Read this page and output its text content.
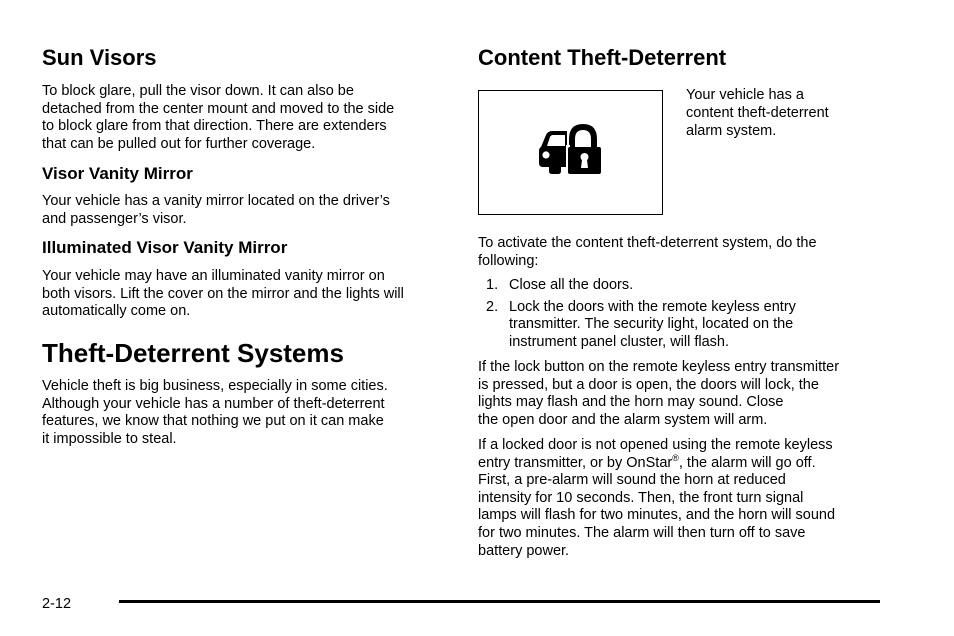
Sun Visors

To block glare, pull the visor down. It can also be
detached from the center mount and moved to the side
to block glare from that direction. There are extenders
that can be pulled out for further coverage.

Visor Vanity Mirror

Your vehicle has a vanity mirror located on the driver’s
and passenger’s visor.

Illuminated Visor Vanity Mirror

Your vehicle may have an illuminated vanity mirror on
both visors. Lift the cover on the mirror and the lights will
automatically come on.

Theft-Deterrent Systems

Vehicle theft is big business, especially in some cities.
Although your vehicle has a number of theft-deterrent
features, we know that nothing we put on it can make
it impossible to steal.

Content Theft-Deterrent
Your vehicle has a
content theft-deterrent
alarm system.

To activate the content theft-deterrent system, do the
following:

1. Close all the doors.
2. Lock the doors with the remote keyless entry
transmitter. The security light, located on the
instrument panel cluster, will flash.

If the lock button on the remote keyless entry transmitter
is pressed, but a door is open, the doors will lock, the
lights may flash and the horn may sound. Close
the open door and the alarm system will arm.

If a locked door is not opened using the remote keyless
entry transmitter, or by OnStar®, the alarm will go off.
First, a pre-alarm will sound the horn at reduced
intensity for 10 seconds. Then, the front turn signal
lamps will flash for two minutes, and the horn will sound
for two minutes. The alarm will then turn off to save
battery power.

2-12
